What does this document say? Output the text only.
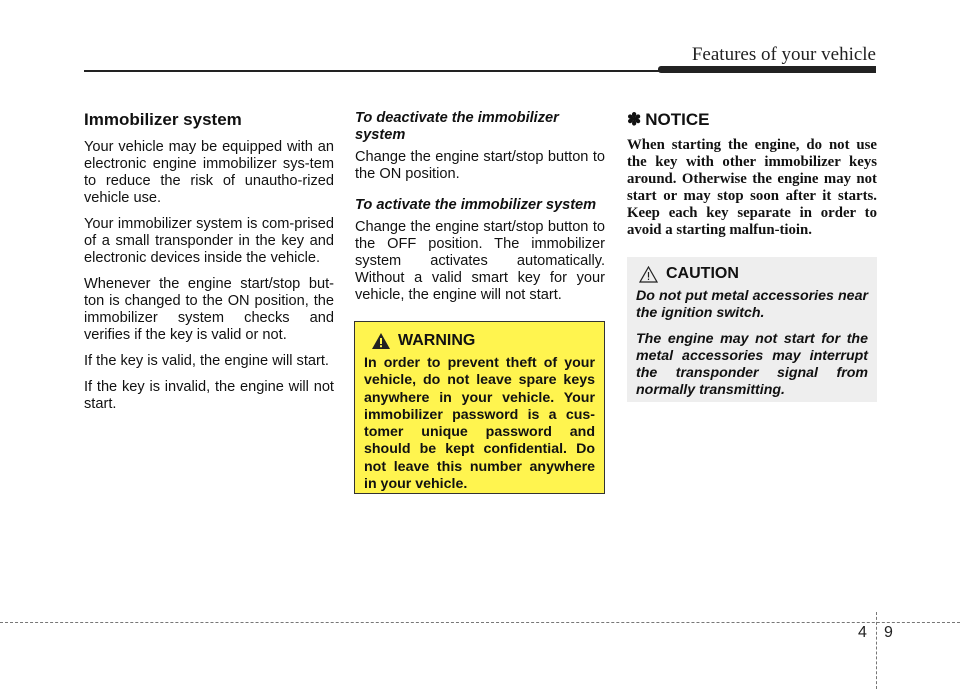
Features of your vehicle
Immobilizer system

Your vehicle may be equipped with an electronic engine immobilizer sys-tem to reduce the risk of unautho-rized vehicle use.

Your immobilizer system is com-prised of a small transponder in the key and electronic devices inside the vehicle.

Whenever the engine start/stop but-ton is changed to the ON position, the immobilizer system checks and verifies if the key is valid or not.

If the key is valid, the engine will start.

If the key is invalid, the engine will not start.

To deactivate the immobilizer system

Change the engine start/stop button to the ON position.

To activate the immobilizer system

Change the engine start/stop button to the OFF position. The immobilizer system activates automatically. Without a valid smart key for your vehicle, the engine will not start.

WARNING
In order to prevent theft of your vehicle, do not leave spare keys anywhere in your vehicle. Your immobilizer password is a cus-tomer unique password and should be kept confidential. Do not leave this number anywhere in your vehicle.
✽ NOTICE
When starting the engine, do not use the key with other immobilizer keys around. Otherwise the engine may not start or may stop soon after it starts. Keep each key separate in order to avoid a starting malfun-tioin.
CAUTION
Do not put metal accessories near the ignition switch.
The engine may not start for the metal accessories may interrupt the transponder signal from normally transmitting.
4 9
